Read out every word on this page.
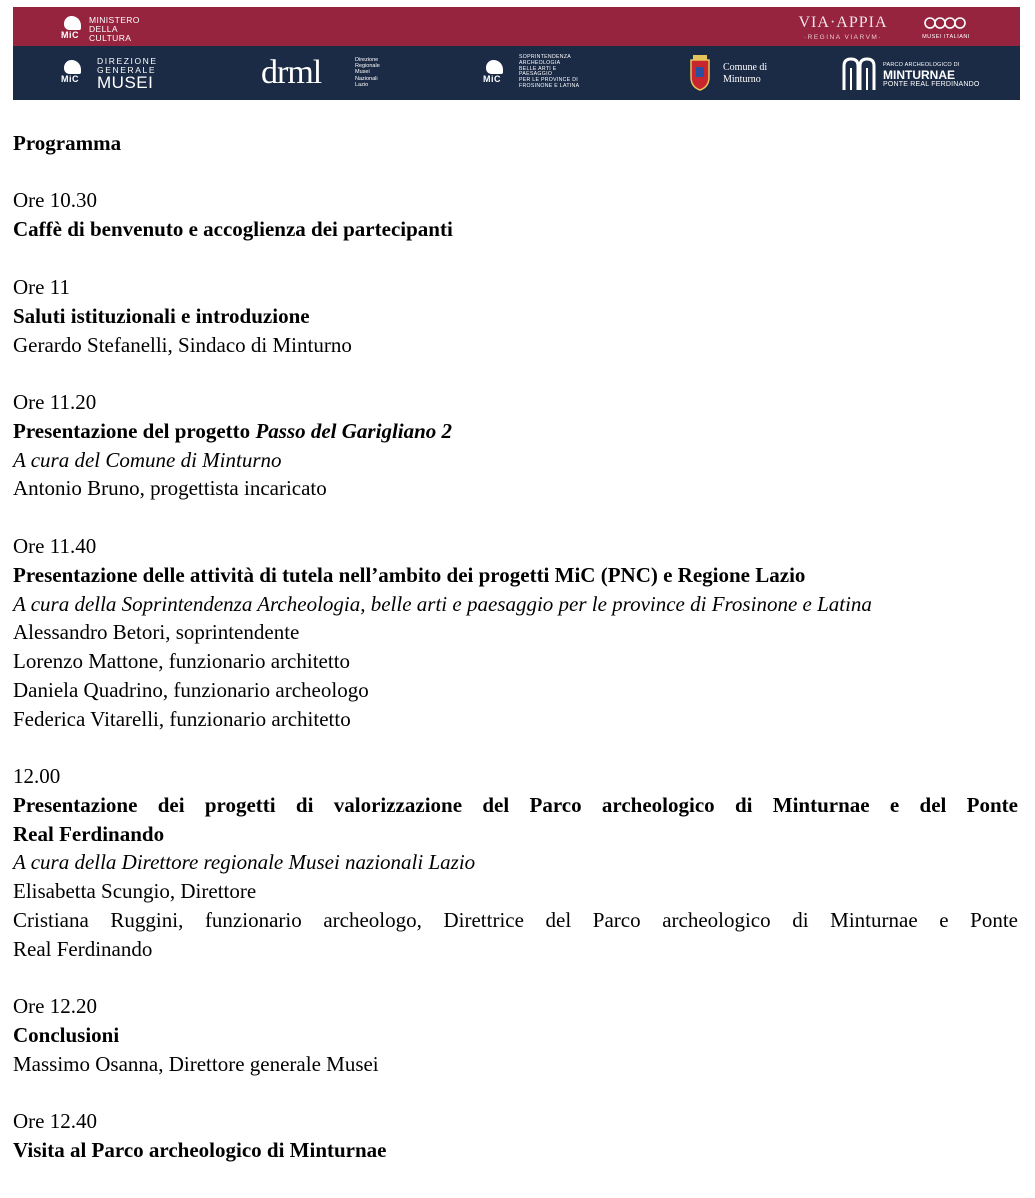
MiC
MINISTERO
DELLA
CULTURA
VIA·APPIA
·REGINA VIARVM·	MUSEI ITALIANI
MiC
DIREZIONE
GENERALE
MUSEI	drml	Direzione
Regionale
Musei
Nazionali
Lazio
MiC
SOPRINTENDENZA
ARCHEOLOGIA
BELLE ARTI E
PAESAGGIO
PER LE PROVINCE DI
FROSINONE E LATINA
Comune di
Minturno
PARCO ARCHEOLOGICO DI
MINTURNAE
PONTE REAL FERDINANDO
Programma
Ore 10.30
Caffè di benvenuto e accoglienza dei partecipanti
Ore 11
Saluti istituzionali e introduzione
Gerardo Stefanelli, Sindaco di Minturno
Ore 11.20
Presentazione del progetto Passo del Garigliano 2
A cura del Comune di Minturno
Antonio Bruno, progettista incaricato
Ore 11.40
Presentazione delle attività di tutela nell’ambito dei progetti MiC (PNC) e Regione Lazio
A cura della Soprintendenza Archeologia, belle arti e paesaggio per le province di Frosinone e Latina
Alessandro Betori, soprintendente
Lorenzo Mattone, funzionario architetto
Daniela Quadrino, funzionario archeologo
Federica Vitarelli, funzionario architetto
12.00
Presentazione dei progetti di valorizzazione del Parco archeologico di Minturnae e del Ponte
Real Ferdinando
A cura della Direttore regionale Musei nazionali Lazio
Elisabetta Scungio, Direttore
Cristiana Ruggini, funzionario archeologo, Direttrice del Parco archeologico di Minturnae e Ponte
Real Ferdinando
Ore 12.20
Conclusioni
Massimo Osanna, Direttore generale Musei
Ore 12.40
Visita al Parco archeologico di Minturnae
